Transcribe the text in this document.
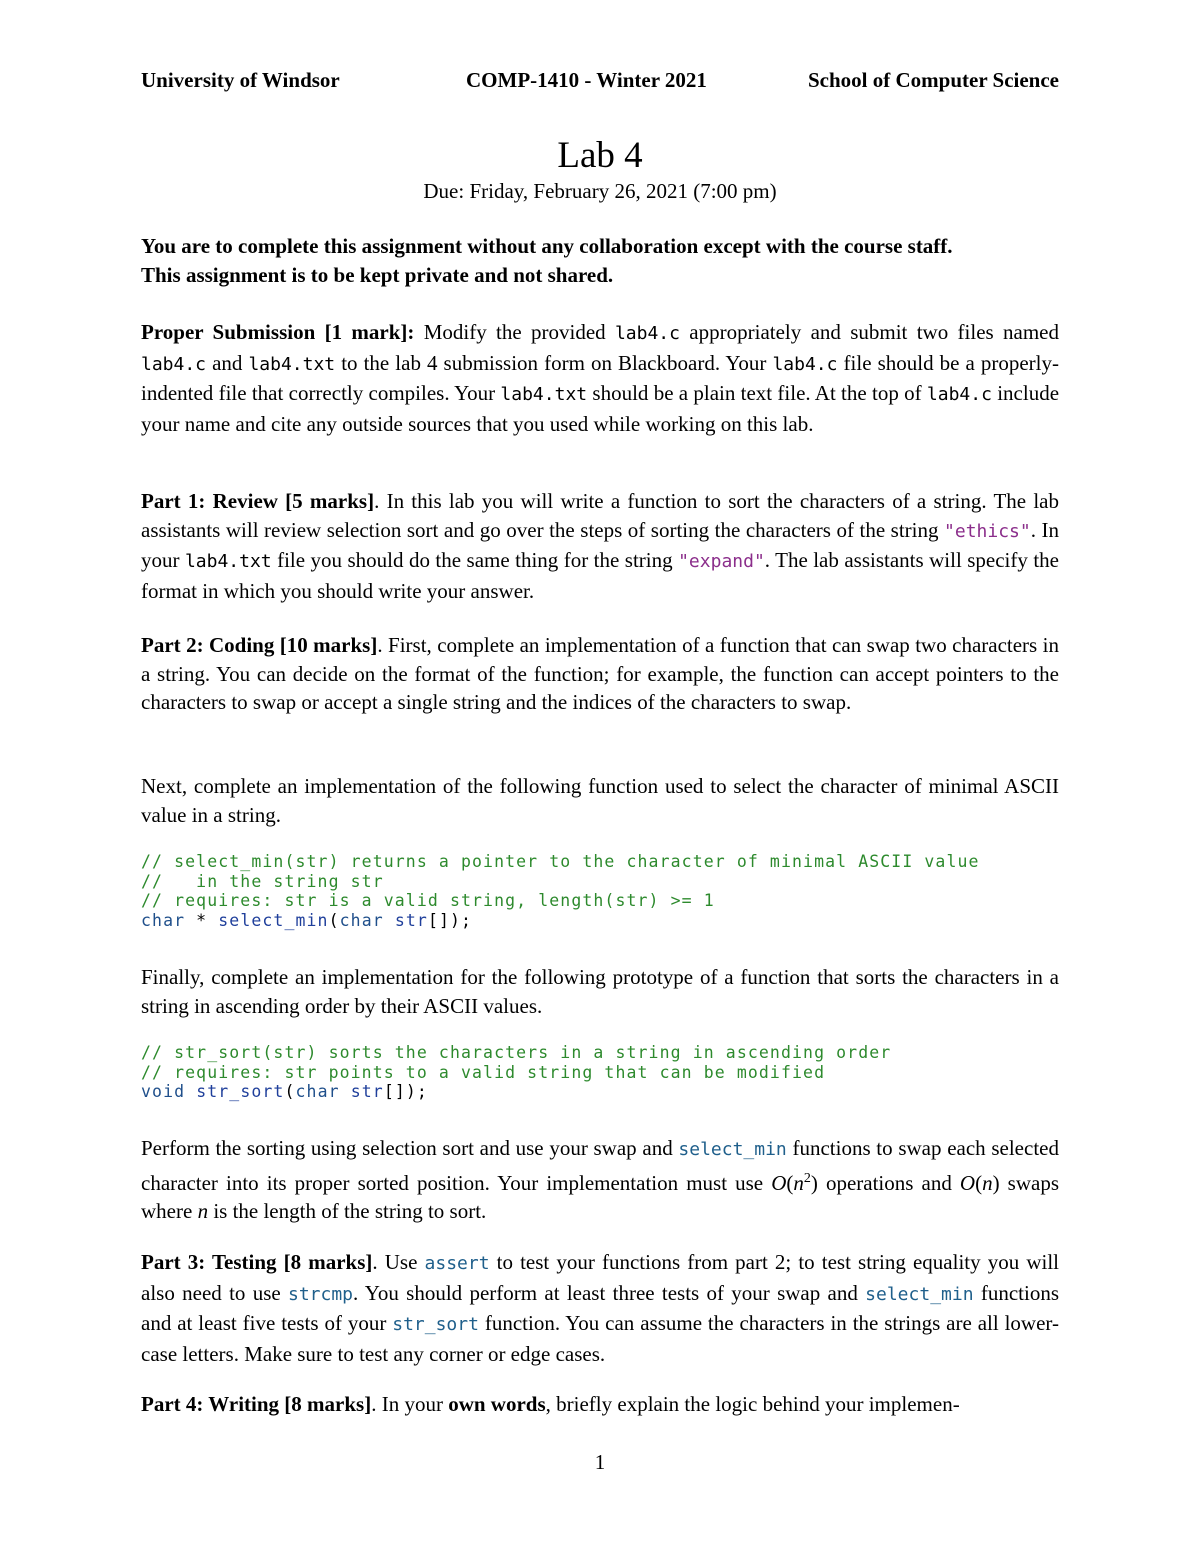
University of Windsor	COMP-1410 - Winter 2021	School of Computer Science
Lab 4
Due: Friday, February 26, 2021 (7:00 pm)
You are to complete this assignment without any collaboration except with the course staff.
This assignment is to be kept private and not shared.
Proper Submission [1 mark]: Modify the provided lab4.c appropriately and submit two files named lab4.c and lab4.txt to the lab 4 submission form on Blackboard. Your lab4.c file should be a properly-indented file that correctly compiles. Your lab4.txt should be a plain text file. At the top of lab4.c include your name and cite any outside sources that you used while working on this lab.
Part 1: Review [5 marks]. In this lab you will write a function to sort the characters of a string. The lab assistants will review selection sort and go over the steps of sorting the characters of the string "ethics". In your lab4.txt file you should do the same thing for the string "expand". The lab assistants will specify the format in which you should write your answer.
Part 2: Coding [10 marks]. First, complete an implementation of a function that can swap two characters in a string. You can decide on the format of the function; for example, the function can accept pointers to the characters to swap or accept a single string and the indices of the characters to swap.
Next, complete an implementation of the following function used to select the character of minimal ASCII value in a string.
// select_min(str) returns a pointer to the character of minimal ASCII value
//   in the string str
// requires: str is a valid string, length(str) >= 1
char * select_min(char str[]);
Finally, complete an implementation for the following prototype of a function that sorts the characters in a string in ascending order by their ASCII values.
// str_sort(str) sorts the characters in a string in ascending order
// requires: str points to a valid string that can be modified
void str_sort(char str[]);
Perform the sorting using selection sort and use your swap and select_min functions to swap each selected character into its proper sorted position. Your implementation must use $O(n^2)$ operations and O(n) swaps where n is the length of the string to sort.
Part 3: Testing [8 marks]. Use assert to test your functions from part 2; to test string equality you will also need to use strcmp. You should perform at least three tests of your swap and select_min functions and at least five tests of your str_sort function. You can assume the characters in the strings are all lower-case letters. Make sure to test any corner or edge cases.
Part 4: Writing [8 marks]. In your own words, briefly explain the logic behind your implemen-
1
